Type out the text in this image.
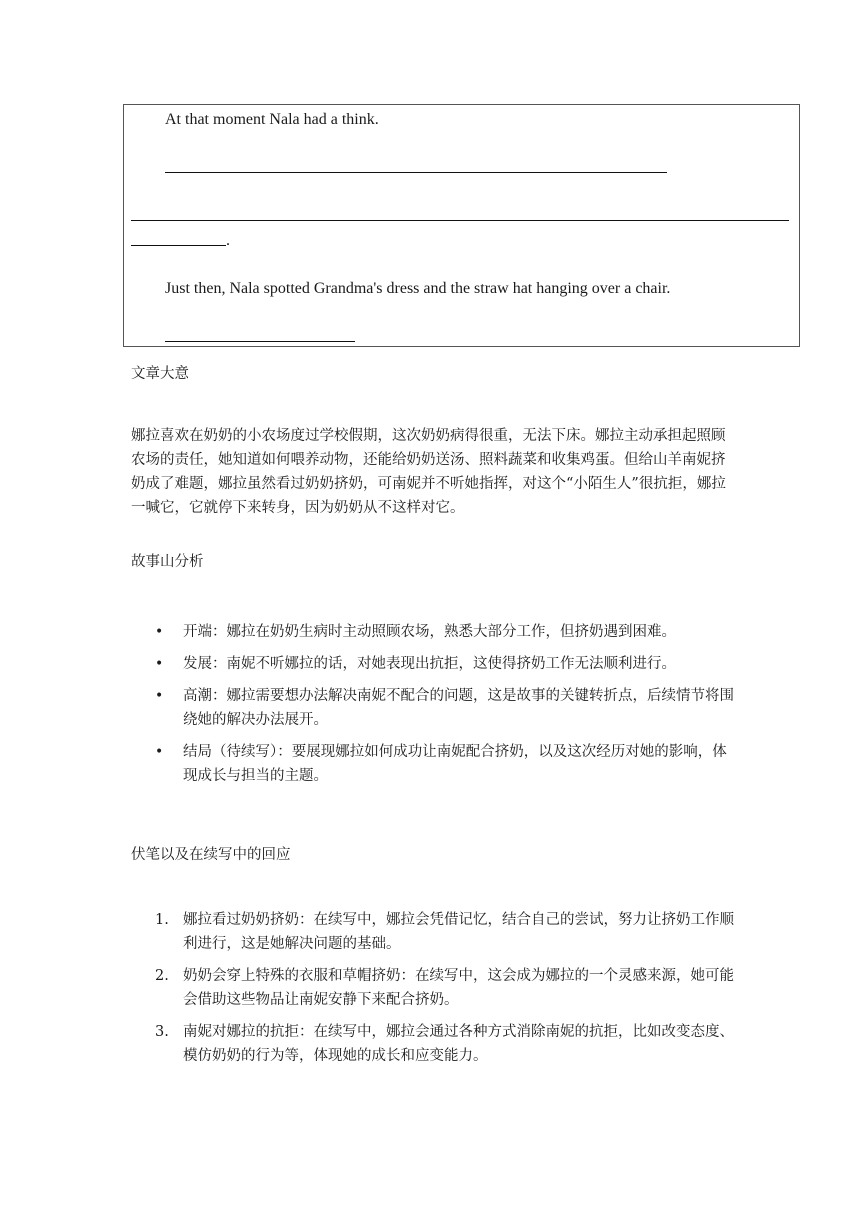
At that moment Nala had a think.
.
Just then, Nala spotted Grandma's dress and the straw hat hanging over a chair.
文章大意
娜拉喜欢在奶奶的小农场度过学校假期，这次奶奶病得很重，无法下床。娜拉主动承担起照顾农场的责任，她知道如何喂养动物，还能给奶奶送汤、照料蔬菜和收集鸡蛋。但给山羊南妮挤奶成了难题，娜拉虽然看过奶奶挤奶，可南妮并不听她指挥，对这个“小陌生人”很抗拒，娜拉一喊它，它就停下来转身，因为奶奶从不这样对它。
故事山分析
• 开端：娜拉在奶奶生病时主动照顾农场，熟悉大部分工作，但挤奶遇到困难。
• 发展：南妮不听娜拉的话，对她表现出抗拒，这使得挤奶工作无法顺利进行。
• 高潮：娜拉需要想办法解决南妮不配合的问题，这是故事的关键转折点，后续情节将围绕她的解决办法展开。
• 结局（待续写）：要展现娜拉如何成功让南妮配合挤奶，以及这次经历对她的影响，体现成长与担当的主题。
伏笔以及在续写中的回应
1. 娜拉看过奶奶挤奶：在续写中，娜拉会凭借记忆，结合自己的尝试，努力让挤奶工作顺利进行，这是她解决问题的基础。
2. 奶奶会穿上特殊的衣服和草帽挤奶：在续写中，这会成为娜拉的一个灵感来源，她可能会借助这些物品让南妮安静下来配合挤奶。
3. 南妮对娜拉的抗拒：在续写中，娜拉会通过各种方式消除南妮的抗拒，比如改变态度、模仿奶奶的行为等，体现她的成长和应变能力。
